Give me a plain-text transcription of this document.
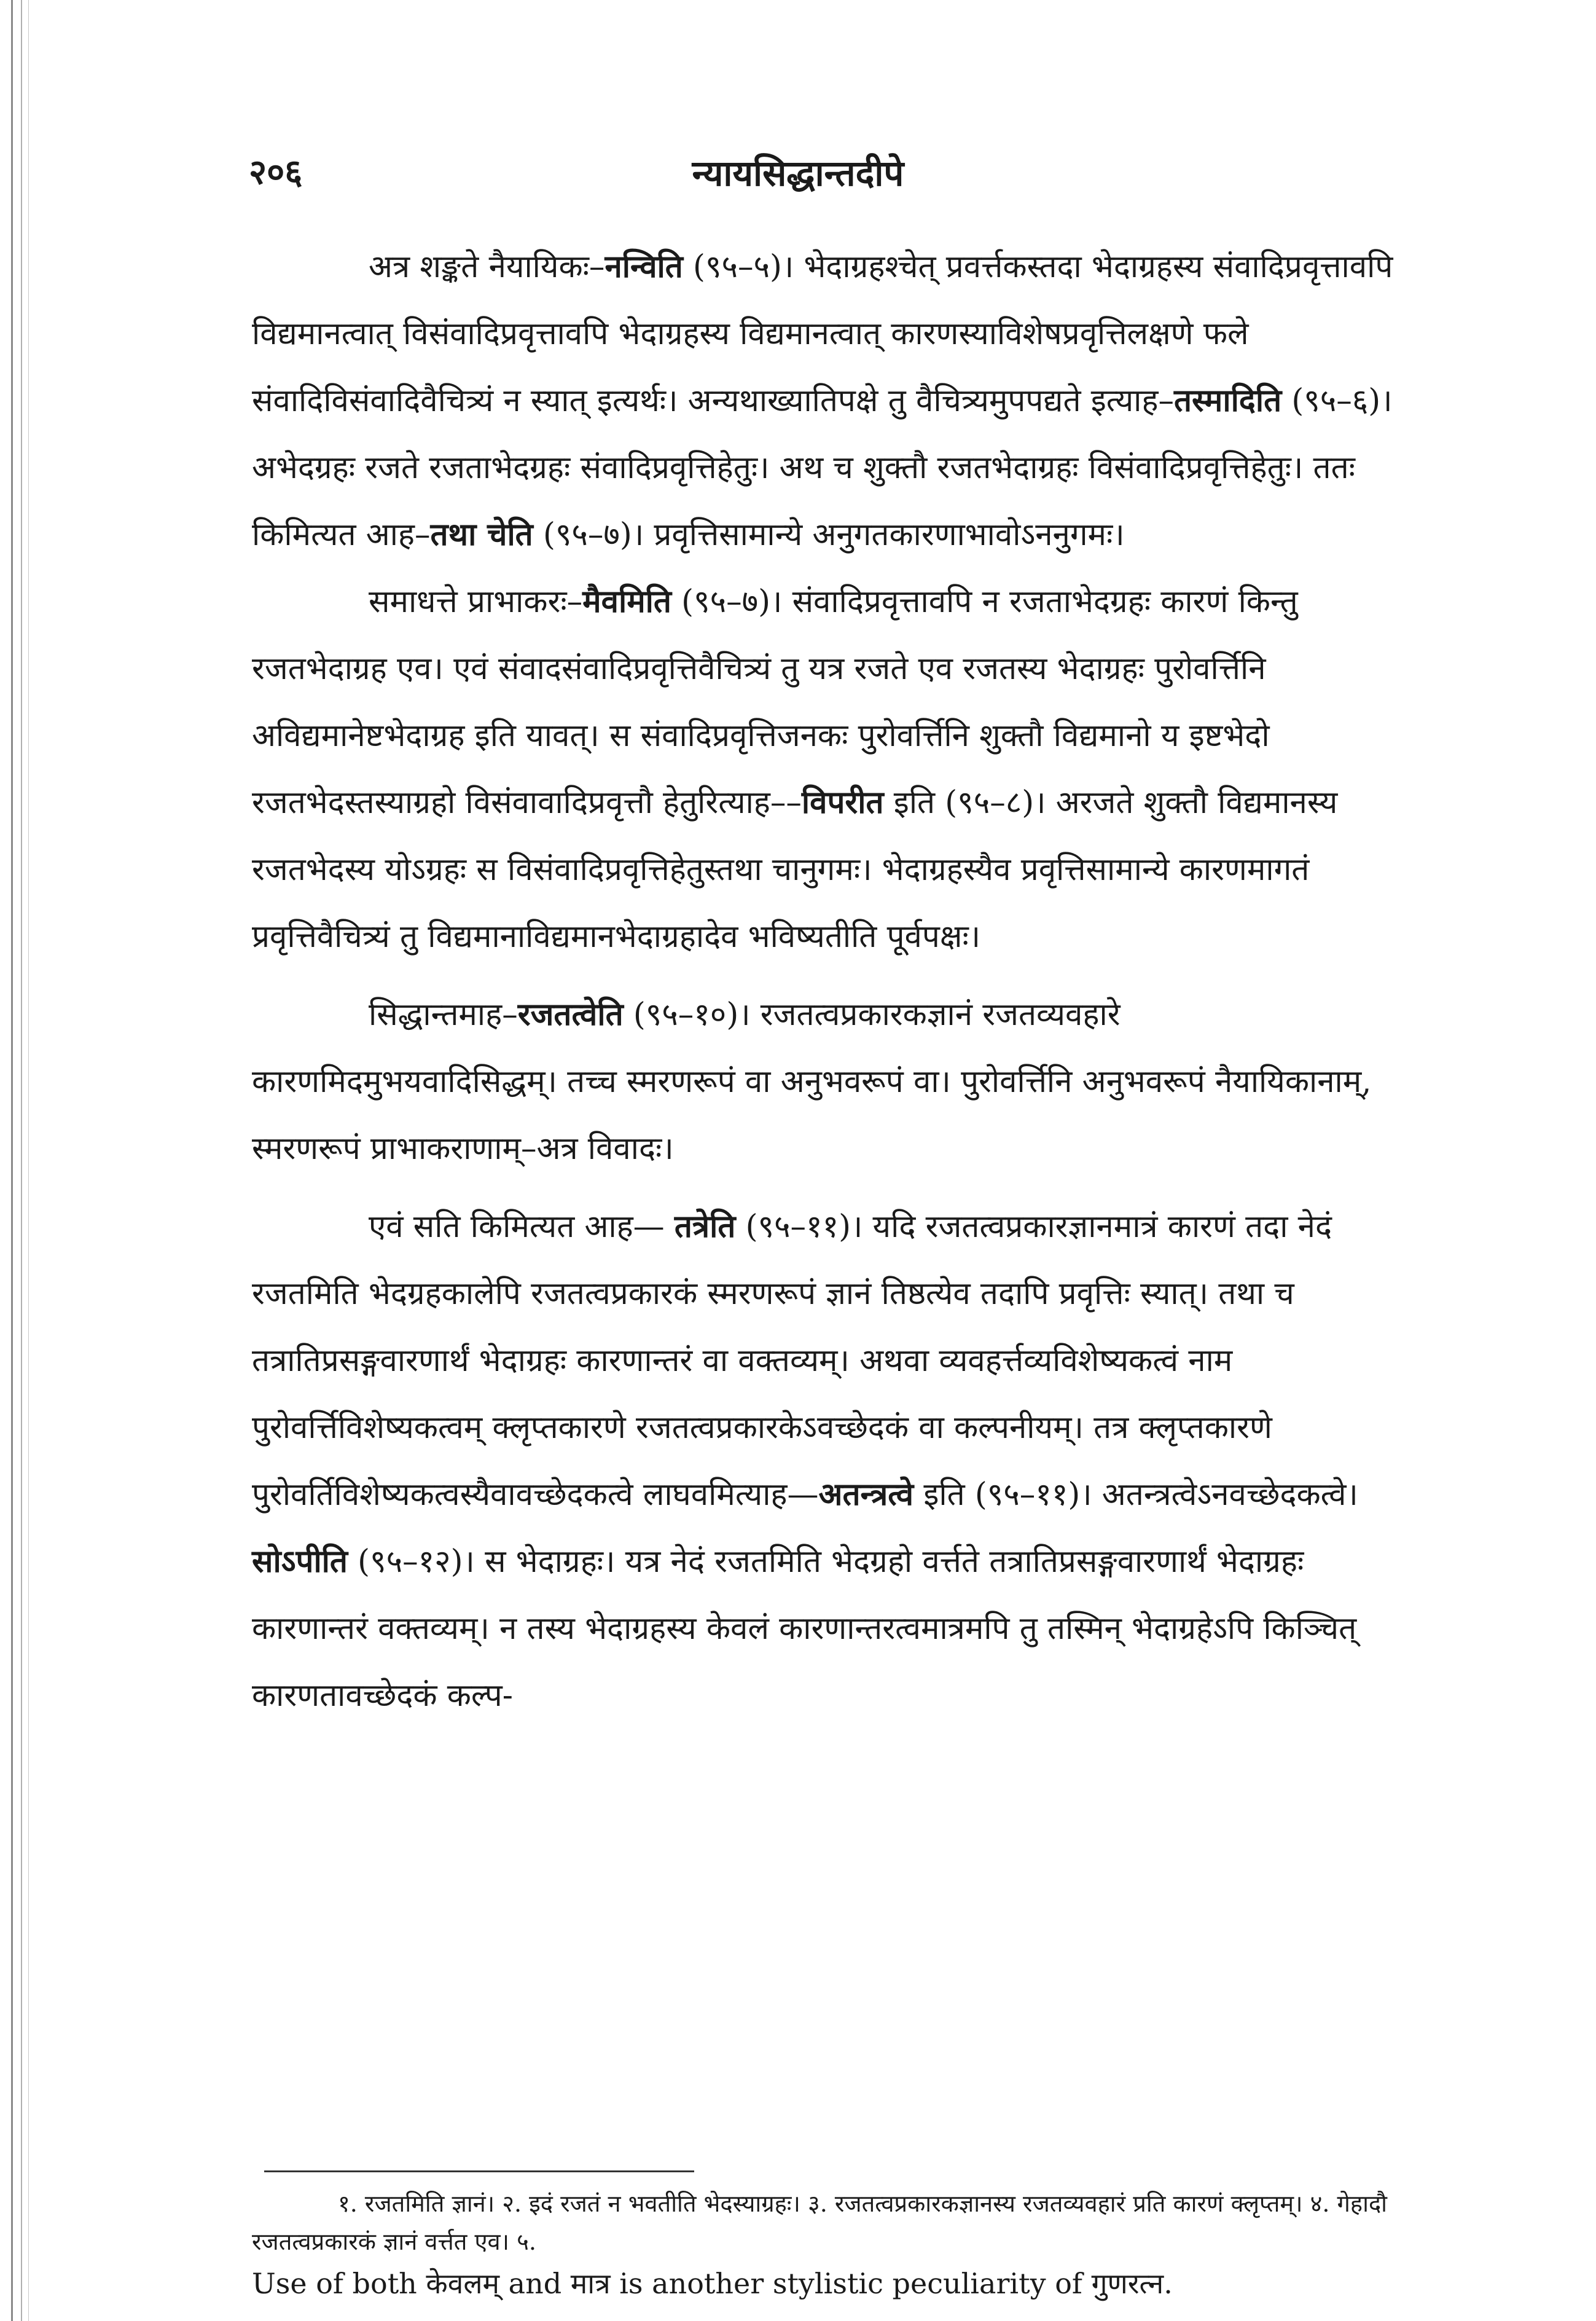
२०६	न्यायसिद्धान्तदीपे

अत्र शङ्कते नैयायिकः–नन्विति (९५–५)। भेदाग्रहश्चेत् प्रवर्त्तकस्तदा भेदाग्रहस्य संवादिप्रवृत्तावपि विद्यमानत्वात् विसंवादिप्रवृत्तावपि भेदाग्रहस्य विद्यमानत्वात् कारणस्याविशेषप्रवृत्तिलक्षणे फले संवादिविसंवादिवैचित्र्यं न स्यात् इत्यर्थः। अन्यथाख्यातिपक्षे तु वैचित्र्यमुपपद्यते इत्याह–तस्मादिति (९५–६)। अभेदग्रहः रजते रजताभेदग्रहः संवादिप्रवृत्तिहेतुः। अथ च शुक्तौ रजतभेदाग्रहः विसंवादिप्रवृत्तिहेतुः। ततः किमित्यत आह–तथा चेति (९५–७)। प्रवृत्तिसामान्ये अनुगतकारणाभावोऽननुगमः।

समाधत्ते प्राभाकरः–मैवमिति (९५–७)। संवादिप्रवृत्तावपि न रजताभेदग्रहः कारणं किन्तु रजतभेदाग्रह एव। एवं संवादसंवादिप्रवृत्तिवैचित्र्यं तु यत्र रजते एव रजतस्य भेदाग्रहः पुरोवर्त्तिनि अविद्यमानेष्टभेदाग्रह इति यावत्। स संवादिप्रवृत्तिजनकः पुरोवर्त्तिनि शुक्तौ विद्यमानो य इष्टभेदो रजतभेदस्तस्याग्रहो विसंवावादिप्रवृत्तौ हेतुरित्याह––विपरीत इति (९५–८)। अरजते शुक्तौ विद्यमानस्य रजतभेदस्य योऽग्रहः स विसंवादिप्रवृत्तिहेतुस्तथा चानुगमः। भेदाग्रहस्यैव प्रवृत्तिसामान्ये कारणमागतं प्रवृत्तिवैचित्र्यं तु विद्यमानाविद्यमानभेदाग्रहादेव भविष्यतीति पूर्वपक्षः।

सिद्धान्तमाह–रजतत्वेति (९५–१०)। रजतत्वप्रकारकज्ञानं रजतव्यवहारे कारणमिदमुभयवादिसिद्धम्। तच्च स्मरणरूपं वा अनुभवरूपं वा। पुरोवर्त्तिनि अनुभवरूपं नैयायिकानाम्, स्मरणरूपं प्राभाकराणाम्–अत्र विवादः।

एवं सति किमित्यत आह— तत्रेति (९५–११)। यदि रजतत्वप्रकारज्ञानमात्रं कारणं तदा नेदं रजतमिति भेदग्रहकालेपि रजतत्वप्रकारकं स्मरणरूपं ज्ञानं तिष्ठत्येव तदापि प्रवृत्तिः स्यात्। तथा च तत्रातिप्रसङ्गवारणार्थं भेदाग्रहः कारणान्तरं वा वक्तव्यम्। अथवा व्यवहर्त्तव्यविशेष्यकत्वं नाम पुरोवर्त्तिविशेष्यकत्वम् क्लृप्तकारणे रजतत्वप्रकारकेऽवच्छेदकं वा कल्पनीयम्। तत्र क्लृप्तकारणे पुरोवर्तिविशेष्यकत्वस्यैवावच्छेदकत्वे लाघवमित्याह—अतन्त्रत्वे इति (९५–११)। अतन्त्रत्वेऽनवच्छेदकत्वे। सोऽपीति (९५–१२)। स भेदाग्रहः। यत्र नेदं रजतमिति भेदग्रहो वर्त्तते तत्रातिप्रसङ्गवारणार्थं भेदाग्रहः कारणान्तरं वक्तव्यम्। न तस्य भेदाग्रहस्य केवलं कारणान्तरत्वमात्रमपि तु तस्मिन् भेदाग्रहेऽपि किञ्चित् कारणतावच्छेदकं कल्प-

१. रजतमिति ज्ञानं। २. इदं रजतं न भवतीति भेदस्याग्रहः। ३. रजतत्वप्रकारकज्ञानस्य रजतव्यवहारं प्रति कारणं क्लृप्तम्। ४. गेहादौ रजतत्वप्रकारकं ज्ञानं वर्त्तत एव। ५.

Use of both केवलम् and मात्र is another stylistic peculiarity of गुणरत्न.
